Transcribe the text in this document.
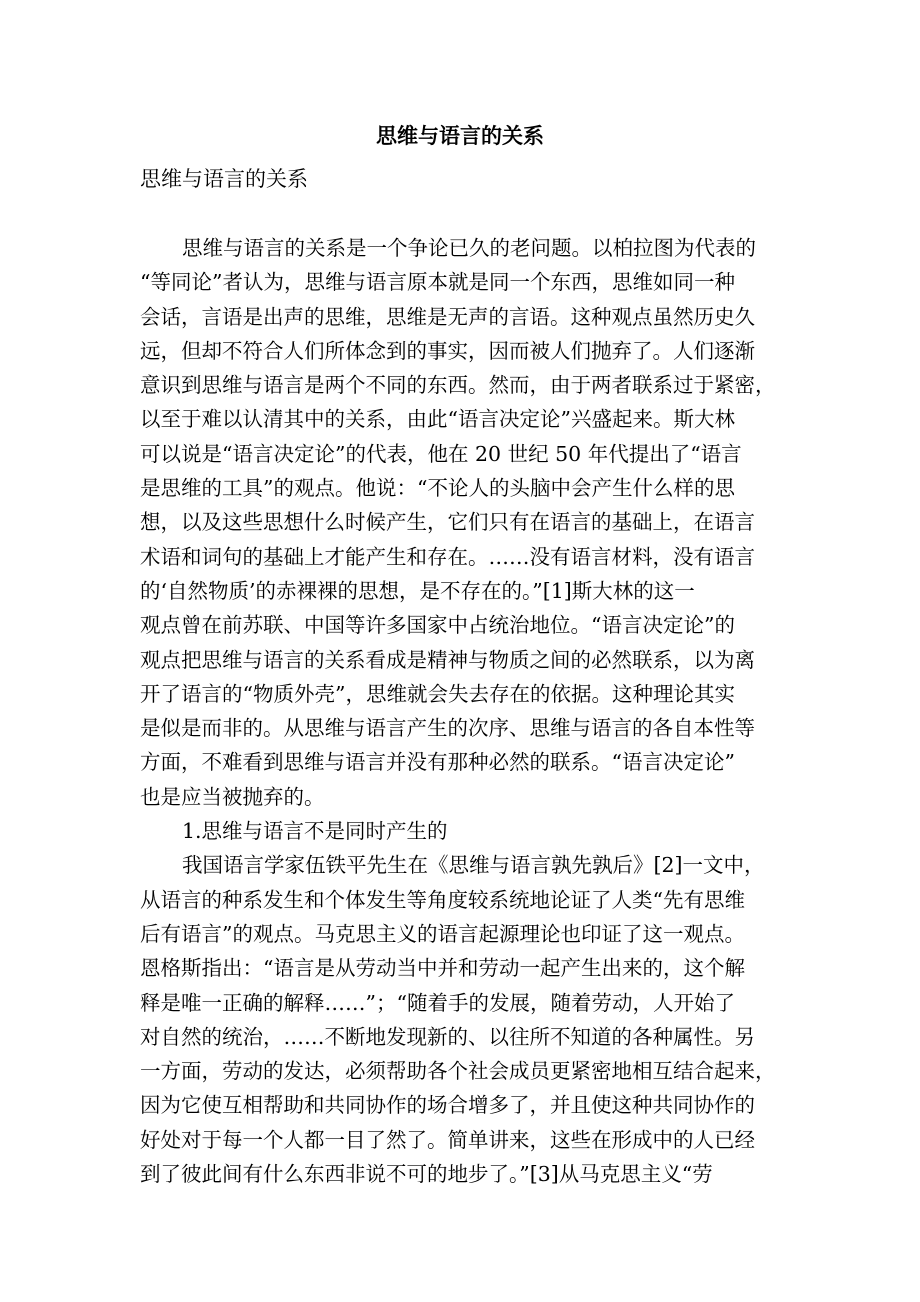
思维与语言的关系
思维与语言的关系
思维与语言的关系是一个争论已久的老问题。以柏拉图为代表的
“等同论”者认为，思维与语言原本就是同一个东西，思维如同一种
会话，言语是出声的思维，思维是无声的言语。这种观点虽然历史久
远，但却不符合人们所体念到的事实，因而被人们抛弃了。人们逐渐
意识到思维与语言是两个不同的东西。然而，由于两者联系过于紧密，
以至于难以认清其中的关系，由此“语言决定论”兴盛起来。斯大林
可以说是“语言决定论”的代表，他在 20 世纪 50 年代提出了“语言
是思维的工具”的观点。他说：“不论人的头脑中会产生什么样的思
想，以及这些思想什么时候产生，它们只有在语言的基础上，在语言
术语和词句的基础上才能产生和存在。……没有语言材料，没有语言
的‘自然物质’的赤裸裸的思想，是不存在的。”[1]斯大林的这一
观点曾在前苏联、中国等许多国家中占统治地位。“语言决定论”的
观点把思维与语言的关系看成是精神与物质之间的必然联系，以为离
开了语言的“物质外壳”，思维就会失去存在的依据。这种理论其实
是似是而非的。从思维与语言产生的次序、思维与语言的各自本性等
方面，不难看到思维与语言并没有那种必然的联系。“语言决定论”
也是应当被抛弃的。
1.思维与语言不是同时产生的
我国语言学家伍铁平先生在《思维与语言孰先孰后》[2]一文中，
从语言的种系发生和个体发生等角度较系统地论证了人类“先有思维
后有语言”的观点。马克思主义的语言起源理论也印证了这一观点。
恩格斯指出：“语言是从劳动当中并和劳动一起产生出来的，这个解
释是唯一正确的解释……”；“随着手的发展，随着劳动，人开始了
对自然的统治，……不断地发现新的、以往所不知道的各种属性。另
一方面，劳动的发达，必须帮助各个社会成员更紧密地相互结合起来，
因为它使互相帮助和共同协作的场合增多了，并且使这种共同协作的
好处对于每一个人都一目了然了。简单讲来，这些在形成中的人已经
到了彼此间有什么东西非说不可的地步了。”[3]从马克思主义“劳
